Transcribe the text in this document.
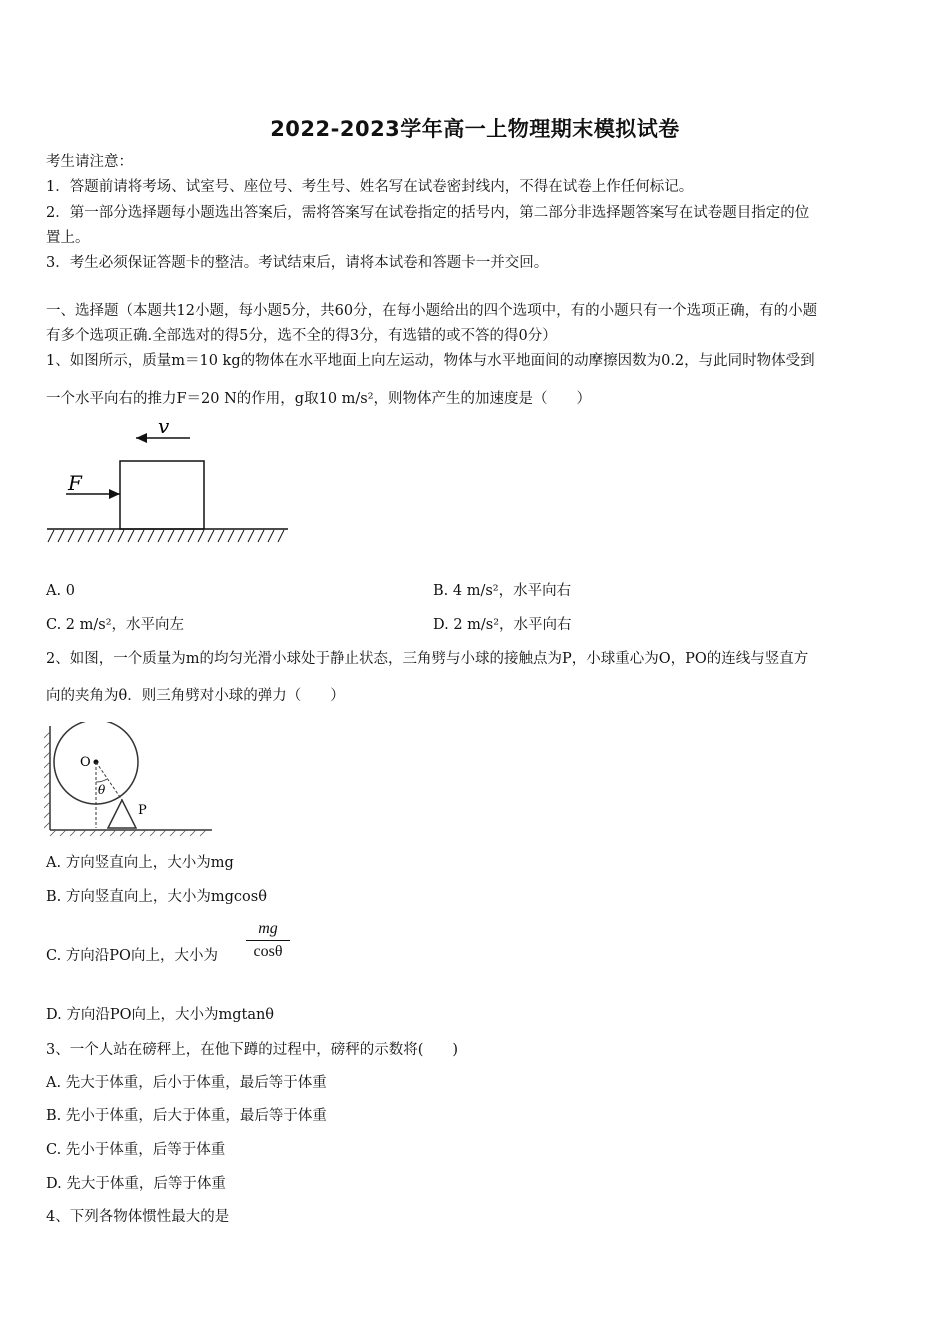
2022-2023学年高一上物理期末模拟试卷
考生请注意：
1．答题前请将考场、试室号、座位号、考生号、姓名写在试卷密封线内，不得在试卷上作任何标记。
2．第一部分选择题每小题选出答案后，需将答案写在试卷指定的括号内，第二部分非选择题答案写在试卷题目指定的位
置上。
3．考生必须保证答题卡的整洁。考试结束后，请将本试卷和答题卡一并交回。
一、选择题（本题共12小题，每小题5分，共60分，在每小题给出的四个选项中，有的小题只有一个选项正确，有的小题
有多个选项正确.全部选对的得5分，选不全的得3分，有选错的或不答的得0分）
1、如图所示，质量m＝10 kg的物体在水平地面上向左运动，物体与水平地面间的动摩擦因数为0.2，与此同时物体受到
一个水平向右的推力F＝20 N的作用，g取10 m/s²，则物体产生的加速度是（　　）
v
F
A. 0	B. 4 m/s²，水平向右
C. 2 m/s²，水平向左	D. 2 m/s²，水平向右
2、如图，一个质量为m的均匀光滑小球处于静止状态，三角劈与小球的接触点为P，小球重心为O，PO的连线与竖直方
向的夹角为θ．则三角劈对小球的弹力（　　）
O
θ
P
A. 方向竖直向上，大小为mg
B. 方向竖直向上，大小为mgcosθ
C. 方向沿PO向上，大小为 $\frac{mg}{\cos\theta}$
D. 方向沿PO向上，大小为mgtanθ
3、一个人站在磅秤上，在他下蹲的过程中，磅秤的示数将(　　)
A. 先大于体重，后小于体重，最后等于体重
B. 先小于体重，后大于体重，最后等于体重
C. 先小于体重，后等于体重
D. 先大于体重，后等于体重
4、下列各物体惯性最大的是
